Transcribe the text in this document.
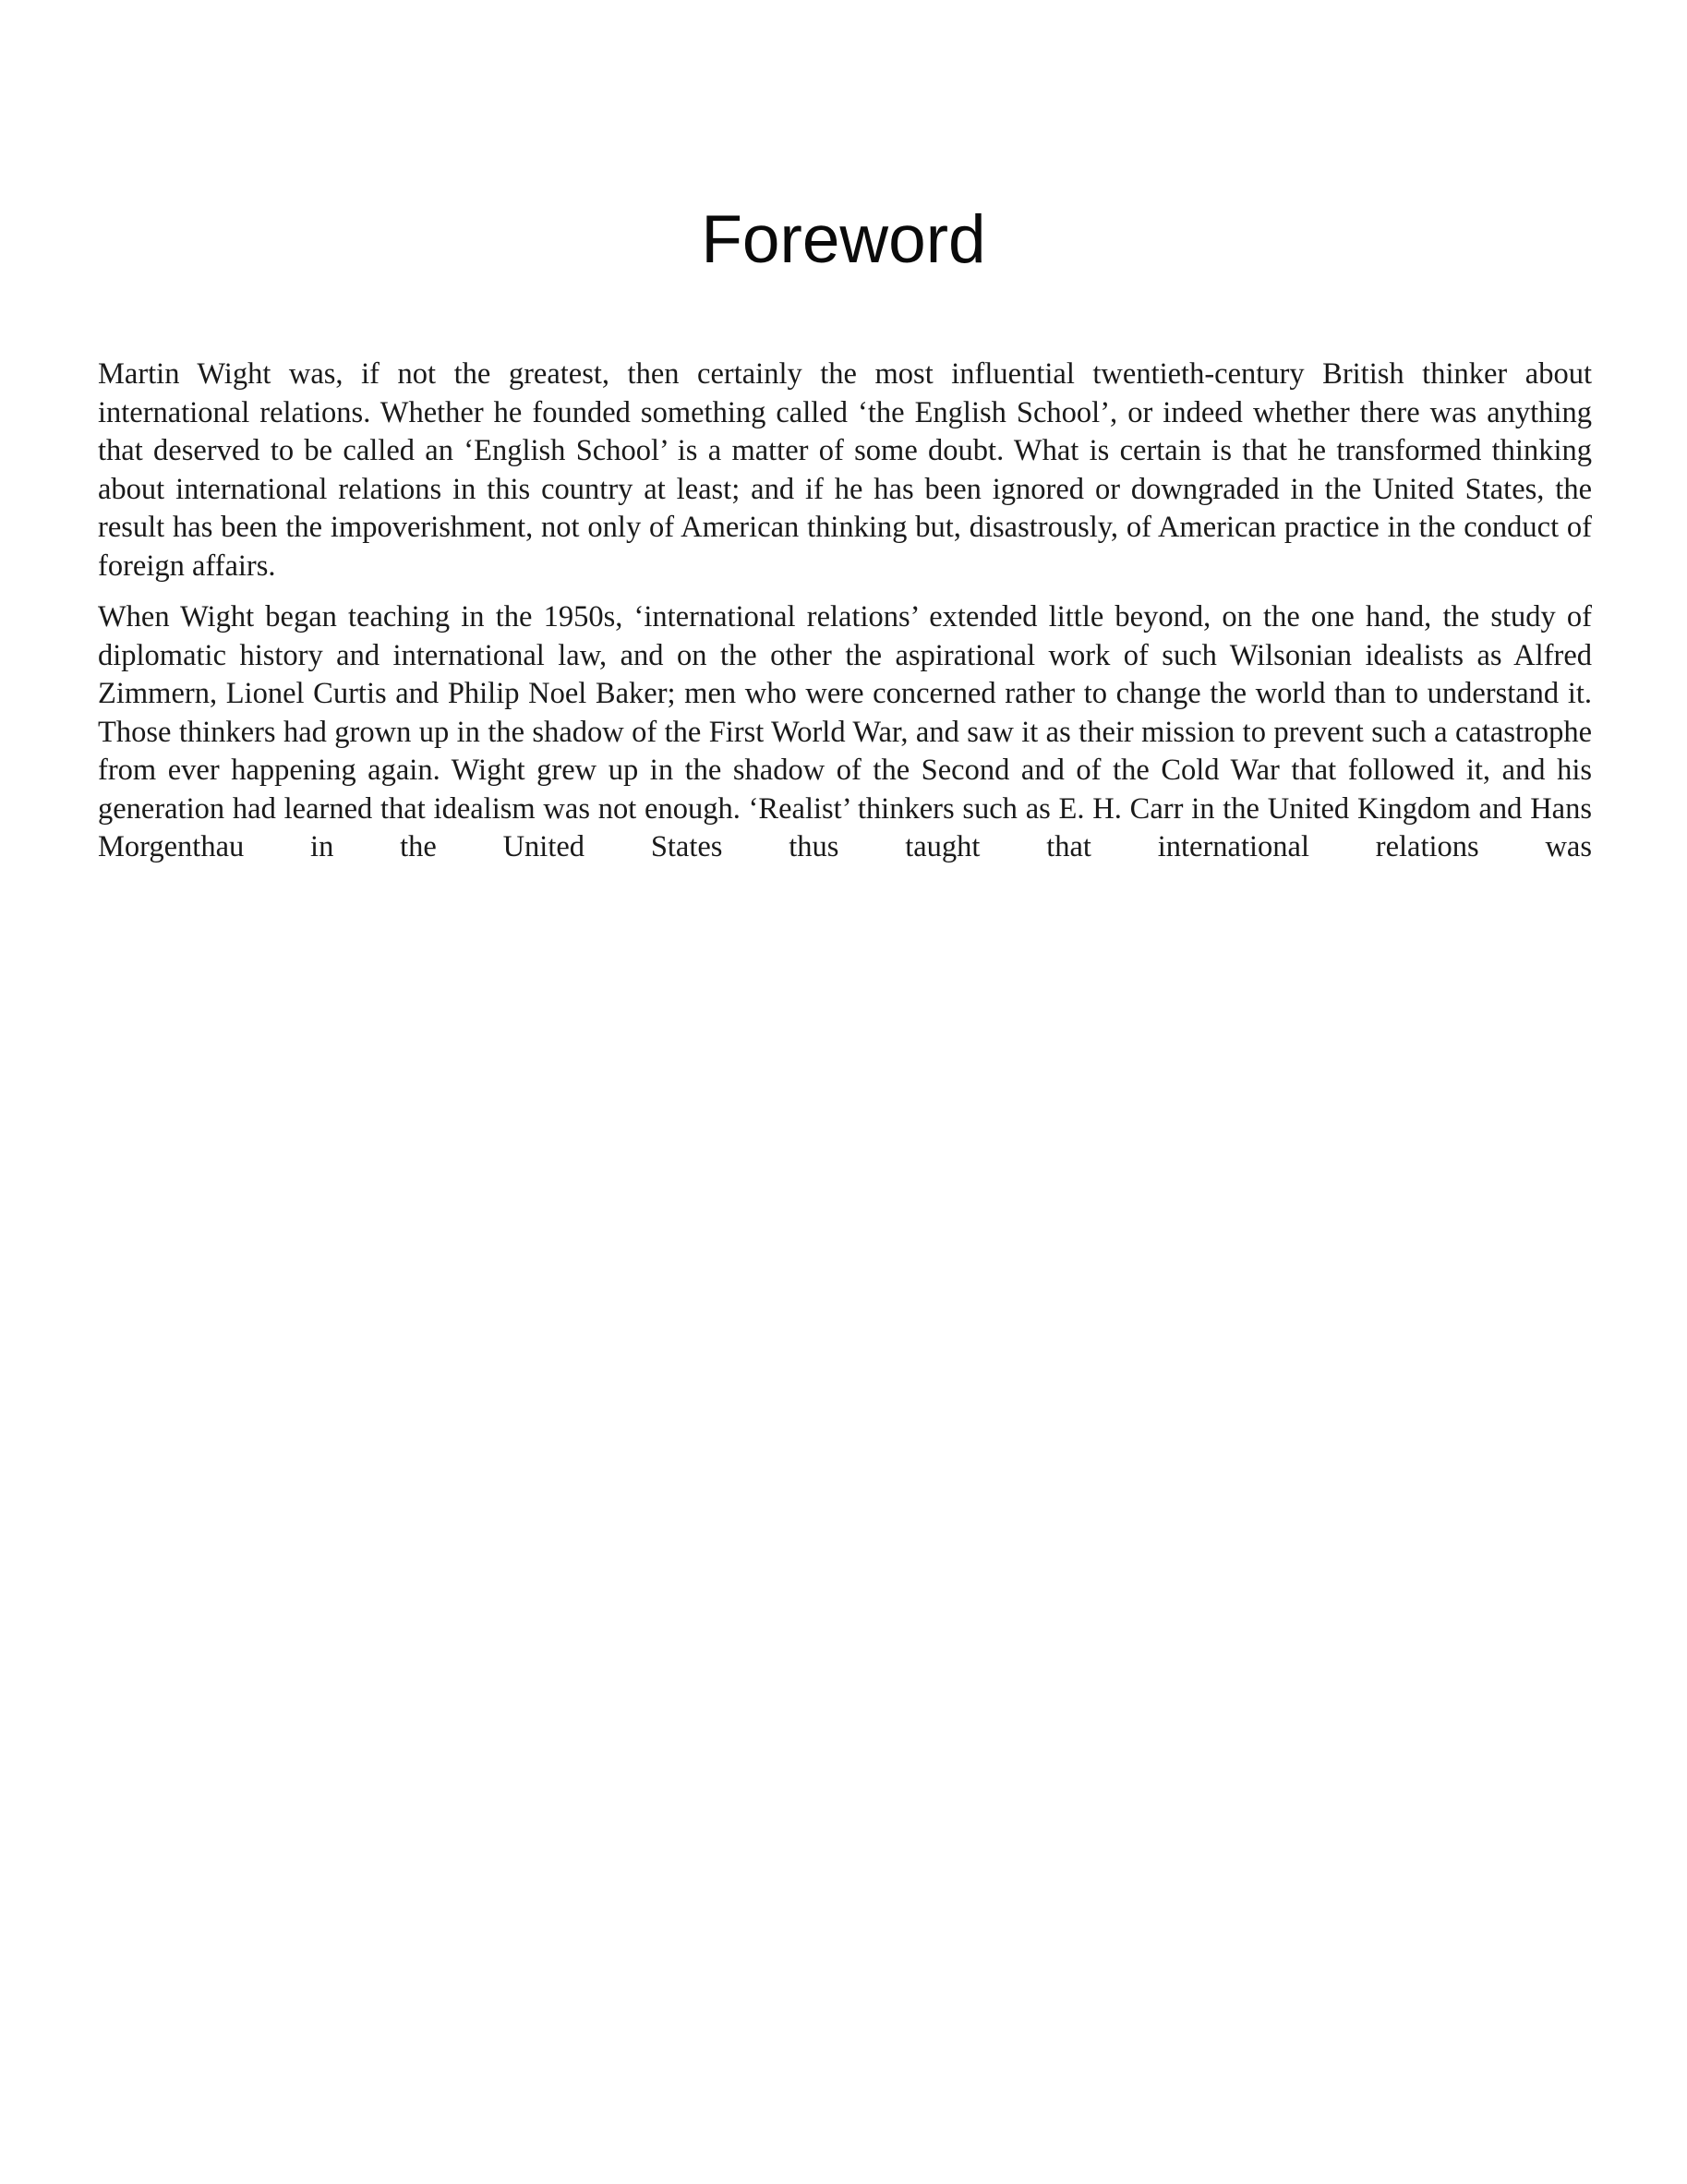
Foreword

Martin Wight was, if not the greatest, then certainly the most influential twentieth-century British thinker about international relations. Whether he founded something called ‘the English School’, or indeed whether there was anything that deserved to be called an ‘English School’ is a matter of some doubt. What is certain is that he transformed thinking about international relations in this country at least; and if he has been ignored or downgraded in the United States, the result has been the impoverishment, not only of American thinking but, disastrously, of American practice in the conduct of foreign affairs.

When Wight began teaching in the 1950s, ‘international relations’ extended little beyond, on the one hand, the study of diplomatic history and international law, and on the other the aspirational work of such Wilsonian idealists as Alfred Zimmern, Lionel Curtis and Philip Noel Baker; men who were concerned rather to change the world than to understand it. Those thinkers had grown up in the shadow of the First World War, and saw it as their mission to prevent such a catastrophe from ever happening again. Wight grew up in the shadow of the Second and of the Cold War that followed it, and his generation had learned that idealism was not enough. ‘Realist’ thinkers such as E. H. Carr in the United Kingdom and Hans Morgenthau in the United States thus taught that international relations was
